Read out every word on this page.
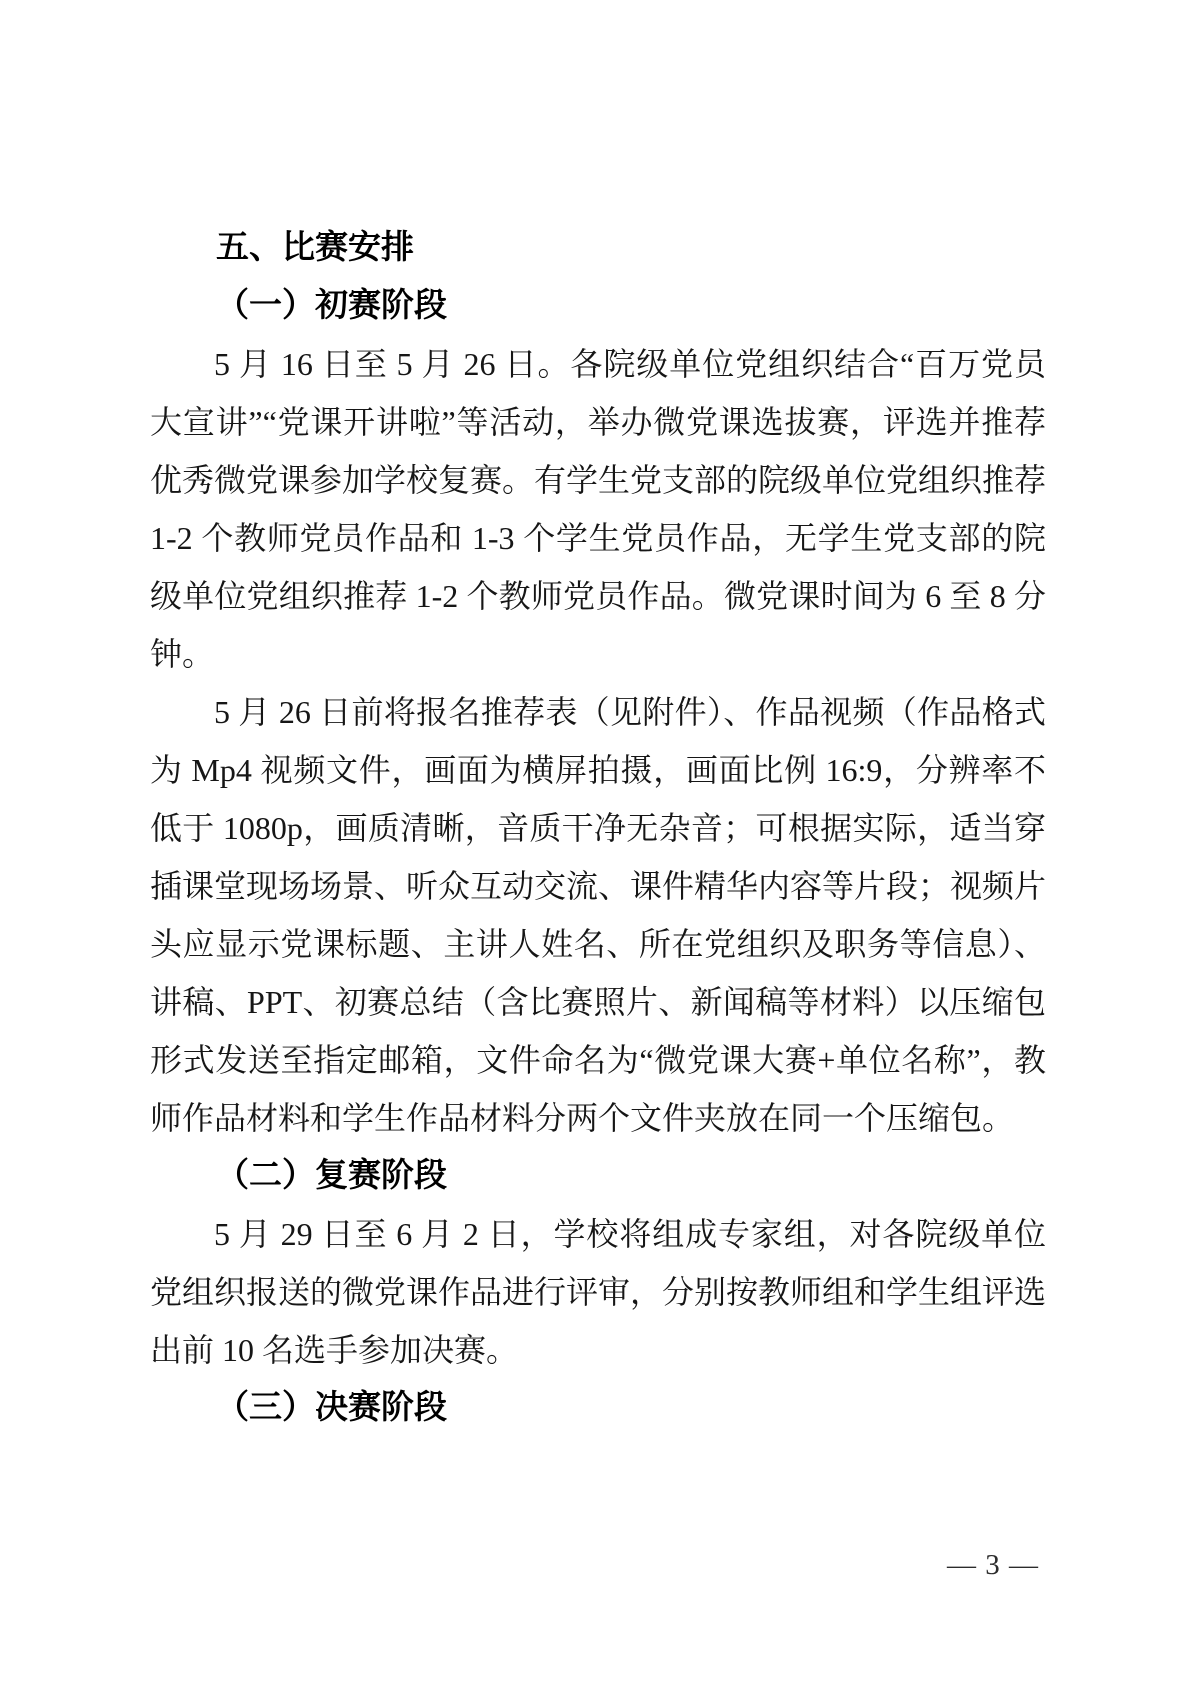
五、比赛安排
（一）初赛阶段

5 月 16 日至 5 月 26 日。各院级单位党组织结合“百万党员大宣讲”“党课开讲啦”等活动，举办微党课选拔赛，评选并推荐优秀微党课参加学校复赛。有学生党支部的院级单位党组织推荐 1-2 个教师党员作品和 1-3 个学生党员作品，无学生党支部的院级单位党组织推荐 1-2 个教师党员作品。微党课时间为 6 至 8 分钟。

5 月 26 日前将报名推荐表（见附件）、作品视频（作品格式为 Mp4 视频文件，画面为横屏拍摄，画面比例 16:9，分辨率不低于 1080p，画质清晰，音质干净无杂音；可根据实际，适当穿插课堂现场场景、听众互动交流、课件精华内容等片段；视频片头应显示党课标题、主讲人姓名、所在党组织及职务等信息）、讲稿、PPT、初赛总结（含比赛照片、新闻稿等材料）以压缩包形式发送至指定邮箱，文件命名为“微党课大赛+单位名称”，教师作品材料和学生作品材料分两个文件夹放在同一个压缩包。

（二）复赛阶段

5 月 29 日至 6 月 2 日，学校将组成专家组，对各院级单位党组织报送的微党课作品进行评审，分别按教师组和学生组评选出前 10 名选手参加决赛。

（三）决赛阶段
— 3 —
